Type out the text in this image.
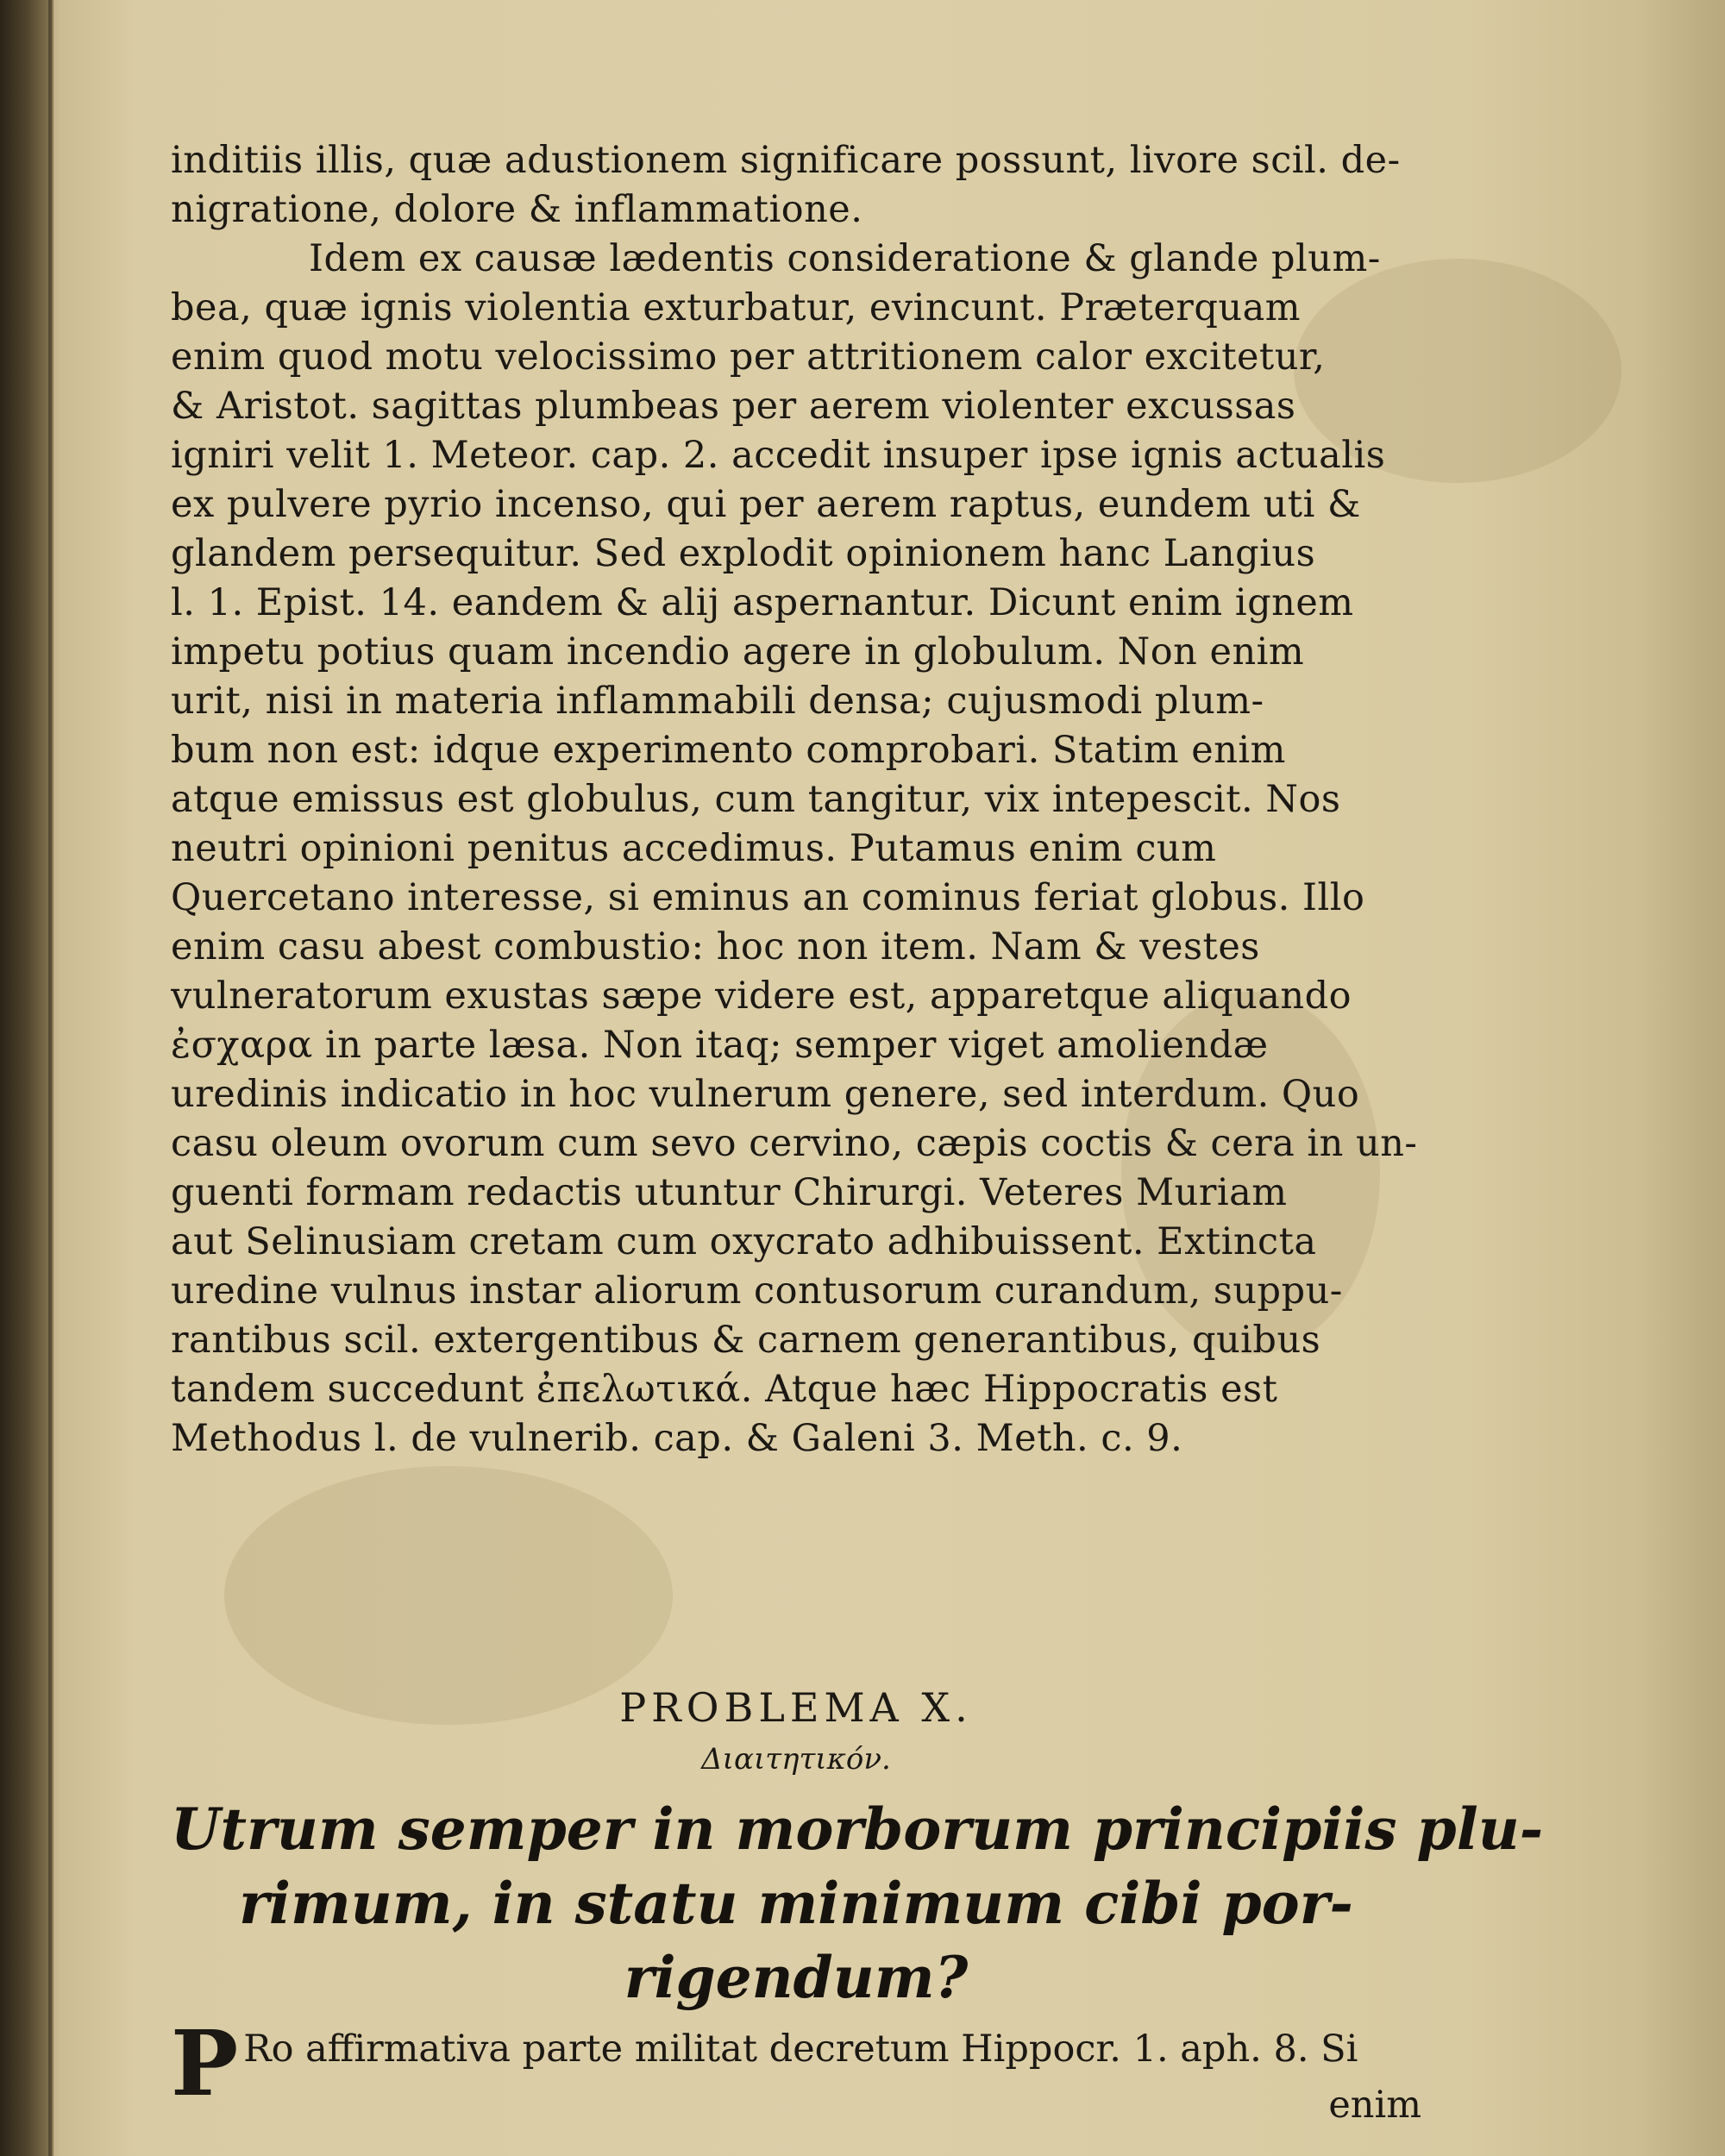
inditiis illis, quæ adustionem significare possunt, livore scil. de-
nigratione, dolore & inflammatione.
Idem ex causæ lædentis consideratione & glande plum-
bea, quæ ignis violentia exturbatur, evincunt. Præterquam
enim quod motu velocissimo per attritionem calor excitetur,
& Aristot. sagittas plumbeas per aerem violenter excussas
igniri velit 1. Meteor. cap. 2. accedit insuper ipse ignis actualis
ex pulvere pyrio incenso, qui per aerem raptus, eundem uti &
glandem persequitur. Sed explodit opinionem hanc Langius
l. 1. Epist. 14. eandem & alij aspernantur. Dicunt enim ignem
impetu potius quam incendio agere in globulum. Non enim
urit, nisi in materia inflammabili densa; cujusmodi plum-
bum non est: idque experimento comprobari. Statim enim
atque emissus est globulus, cum tangitur, vix intepescit. Nos
neutri opinioni penitus accedimus. Putamus enim cum
Quercetano interesse, si eminus an cominus feriat globus. Illo
enim casu abest combustio: hoc non item. Nam & vestes
vulneratorum exustas sæpe videre est, apparetque aliquando
ἐσχαρα in parte læsa. Non itaq; semper viget amoliendæ
uredinis indicatio in hoc vulnerum genere, sed interdum. Quo
casu oleum ovorum cum sevo cervino, cæpis coctis & cera in un-
guenti formam redactis utuntur Chirurgi. Veteres Muriam
aut Selinusiam cretam cum oxycrato adhibuissent. Extincta
uredine vulnus instar aliorum contusorum curandum, suppu-
rantibus scil. extergentibus & carnem generantibus, quibus
tandem succedunt ἐπελωτικά. Atque hæc Hippocratis est
Methodus l. de vulnerib. cap. & Galeni 3. Meth. c. 9.
PROBLEMA X.
Διαιτητικόν.
Utrum semper in morborum principiis plu-
rimum, in statu minimum cibi por-
rigendum?
P Ro affirmativa parte militat decretum Hippocr. 1. aph. 8. Si
enim
